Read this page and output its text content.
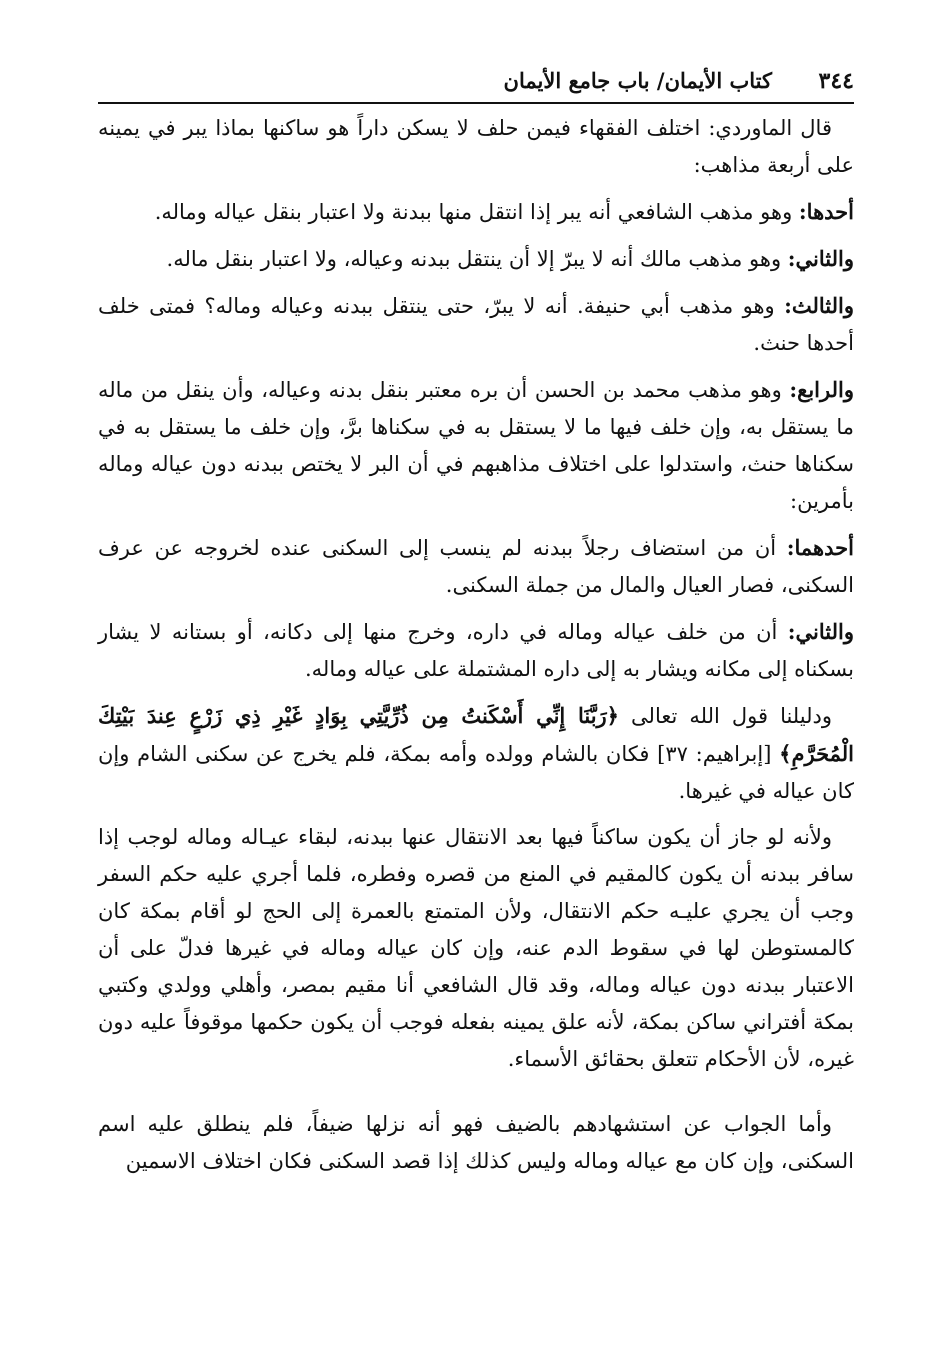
٣٤٤
كتاب الأيمان/ باب جامع الأيمان

قال الماوردي: اختلف الفقهاء فيمن حلف لا يسكن داراً هو ساكنها بماذا يبر في يمينه على أربعة مذاهب:

أحدها: وهو مذهب الشافعي أنه يبر إذا انتقل منها ببدنة ولا اعتبار بنقل عياله وماله.

والثاني: وهو مذهب مالك أنه لا يبرّ إلا أن ينتقل ببدنه وعياله، ولا اعتبار بنقل ماله.

والثالث: وهو مذهب أبي حنيفة. أنه لا يبرّ، حتى ينتقل ببدنه وعياله وماله؟ فمتى خلف أحدها حنث.

والرابع: وهو مذهب محمد بن الحسن أن بره معتبر بنقل بدنه وعياله، وأن ينقل من ماله ما يستقل به، وإن خلف فيها ما لا يستقل به في سكناها برَّ، وإن خلف ما يستقل به في سكناها حنث، واستدلوا على اختلاف مذاهبهم في أن البر لا يختص ببدنه دون عياله وماله بأمرين:

أحدهما: أن من استضاف رجلاً ببدنه لم ينسب إلى السكنى عنده لخروجه عن عرف السكنى، فصار العيال والمال من جملة السكنى.

والثاني: أن من خلف عياله وماله في داره، وخرج منها إلى دكانه، أو بستانه لا يشار بسكناه إلى مكانه ويشار به إلى داره المشتملة على عياله وماله.

ودليلنا قول الله تعالى ﴿رَبَّنَا إِنِّي أَسْكَنتُ مِن ذُرِّيَّتِي بِوَادٍ غَيْرِ ذِي زَرْعٍ عِندَ بَيْتِكَ الْمُحَرَّمِ﴾ [إبراهيم: ٣٧] فكان بالشام وولده وأمه بمكة، فلم يخرج عن سكنى الشام وإن كان عياله في غيرها.

ولأنه لو جاز أن يكون ساكناً فيها بعد الانتقال عنها ببدنه، لبقاء عيـاله وماله لوجب إذا سافر ببدنه أن يكون كالمقيم في المنع من قصره وفطره، فلما أجري عليه حكم السفر وجب أن يجري عليـه حكم الانتقال، ولأن المتمتع بالعمرة إلى الحج لو أقام بمكة كان كالمستوطن لها في سقوط الدم عنه، وإن كان عياله وماله في غيرها فدلّ على أن الاعتبار ببدنه دون عياله وماله، وقد قال الشافعي أنا مقيم بمصر، وأهلي وولدي وكتبي بمكة أفتراني ساكن بمكة، لأنه علق يمينه بفعله فوجب أن يكون حكمها موقوفاً عليه دون غيره، لأن الأحكام تتعلق بحقائق الأسماء.

وأما الجواب عن استشهادهم بالضيف فهو أنه نزلها ضيفاً، فلم ينطلق عليه اسم السكنى، وإن كان مع عياله وماله وليس كذلك إذا قصد السكنى فكان اختلاف الاسمين
